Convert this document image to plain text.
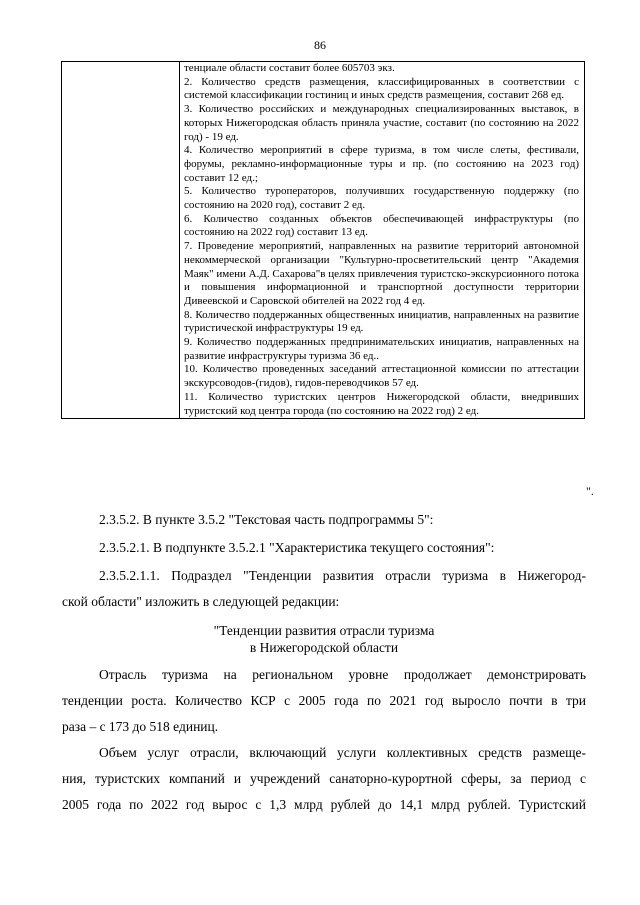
86

тенциале области составит более 605703 экз.

2. Количество средств размещения, классифицированных в соответствии с системой классификации гостиниц и иных средств размещения, составит 268 ед.

3. Количество российских и международных специализированных выставок, в которых Нижегородская область приняла участие, составит (по состоянию на 2022 год) - 19 ед.

4. Количество мероприятий в сфере туризма, в том числе слеты, фестивали, форумы, рекламно-информационные туры и пр. (по состоянию на 2023 год) составит 12 ед.;

5. Количество туроператоров, получивших государственную поддержку (по состоянию на 2020 год), составит 2 ед.

6. Количество созданных объектов обеспечивающей инфраструктуры (по состоянию на 2022 год) составит 13 ед.

7. Проведение мероприятий, направленных на развитие территорий автономной некоммерческой организации "Культурно-просветительский центр "Академия Маяк" имени А.Д. Сахарова"в целях привлечения туристско-экскурсионного потока и повышения информационной и транспортной доступности территории Дивеевской и Саровской обителей на 2022 год 4 ед.

8. Количество поддержанных общественных инициатив, направленных на развитие туристической инфраструктуры 19 ед.

9. Количество поддержанных предпринимательских инициатив, направленных на развитие инфраструктуры туризма 36 ед..

10. Количество проведенных заседаний аттестационной комиссии по аттестации экскурсоводов-(гидов), гидов-переводчиков 57 ед.

11. Количество туристских центров Нижегородской области, внедривших туристский код центра города (по состоянию на 2022 год) 2 ед.

".
2.3.5.2. В пункте 3.5.2 "Текстовая часть подпрограммы 5":
2.3.5.2.1. В подпункте 3.5.2.1 "Характеристика текущего состояния":
2.3.5.2.1.1. Подраздел "Тенденции развития отрасли туризма в Нижегород-
ской области" изложить в следующей редакции:
"Тенденции развития отрасли туризма
в Нижегородской области
Отрасль туризма на региональном уровне продолжает демонстрировать
тенденции роста. Количество КСР с 2005 года по 2021 год выросло почти в три
раза – с 173 до 518 единиц.
Объем услуг отрасли, включающий услуги коллективных средств размеще-
ния, туристских компаний и учреждений санаторно-курортной сферы, за период с
2005 года по 2022 год вырос с 1,3 млрд рублей до 14,1 млрд рублей. Туристский
